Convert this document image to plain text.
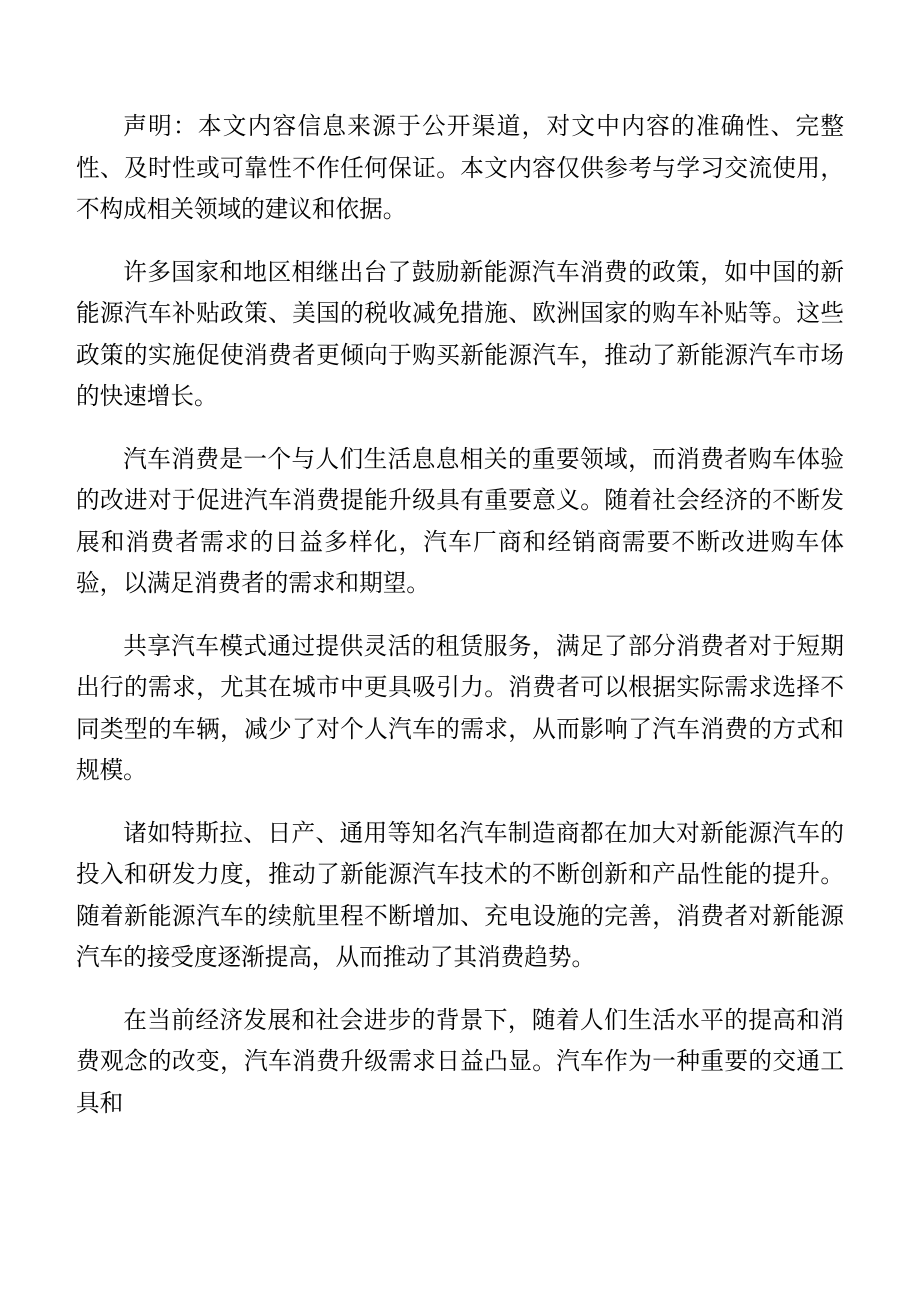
声明：本文内容信息来源于公开渠道，对文中内容的准确性、完整性、及时性或可靠性不作任何保证。本文内容仅供参考与学习交流使用，不构成相关领域的建议和依据。

许多国家和地区相继出台了鼓励新能源汽车消费的政策，如中国的新能源汽车补贴政策、美国的税收减免措施、欧洲国家的购车补贴等。这些政策的实施促使消费者更倾向于购买新能源汽车，推动了新能源汽车市场的快速增长。

汽车消费是一个与人们生活息息相关的重要领域，而消费者购车体验的改进对于促进汽车消费提能升级具有重要意义。随着社会经济的不断发展和消费者需求的日益多样化，汽车厂商和经销商需要不断改进购车体验，以满足消费者的需求和期望。

共享汽车模式通过提供灵活的租赁服务，满足了部分消费者对于短期出行的需求，尤其在城市中更具吸引力。消费者可以根据实际需求选择不同类型的车辆，减少了对个人汽车的需求，从而影响了汽车消费的方式和规模。

诸如特斯拉、日产、通用等知名汽车制造商都在加大对新能源汽车的投入和研发力度，推动了新能源汽车技术的不断创新和产品性能的提升。随着新能源汽车的续航里程不断增加、充电设施的完善，消费者对新能源汽车的接受度逐渐提高，从而推动了其消费趋势。

在当前经济发展和社会进步的背景下，随着人们生活水平的提高和消费观念的改变，汽车消费升级需求日益凸显。汽车作为一种重要的交通工具和
